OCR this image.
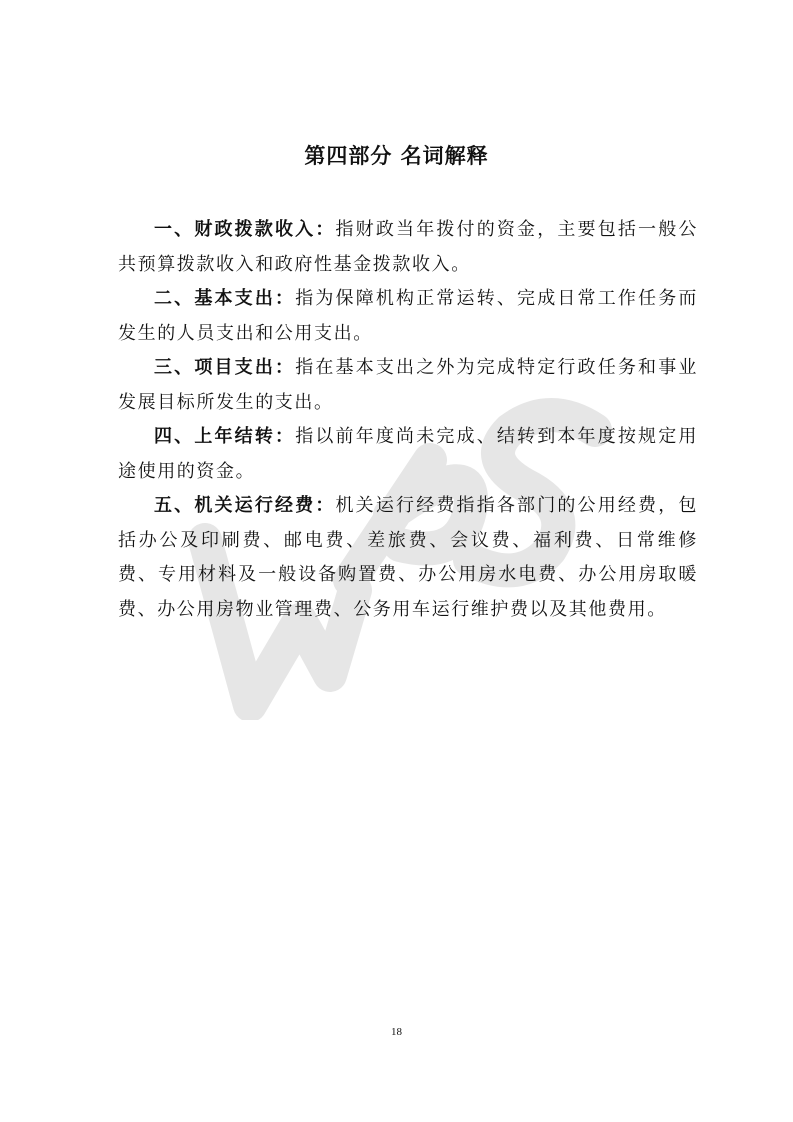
第四部分 名词解释

一、财政拨款收入：指财政当年拨付的资金，主要包括一般公共预算拨款收入和政府性基金拨款收入。

二、基本支出：指为保障机构正常运转、完成日常工作任务而发生的人员支出和公用支出。

三、项目支出：指在基本支出之外为完成特定行政任务和事业发展目标所发生的支出。

四、上年结转：指以前年度尚未完成、结转到本年度按规定用途使用的资金。

五、机关运行经费：机关运行经费指指各部门的公用经费，包括办公及印刷费、邮电费、差旅费、会议费、福利费、日常维修费、专用材料及一般设备购置费、办公用房水电费、办公用房取暖费、办公用房物业管理费、公务用车运行维护费以及其他费用。

18
